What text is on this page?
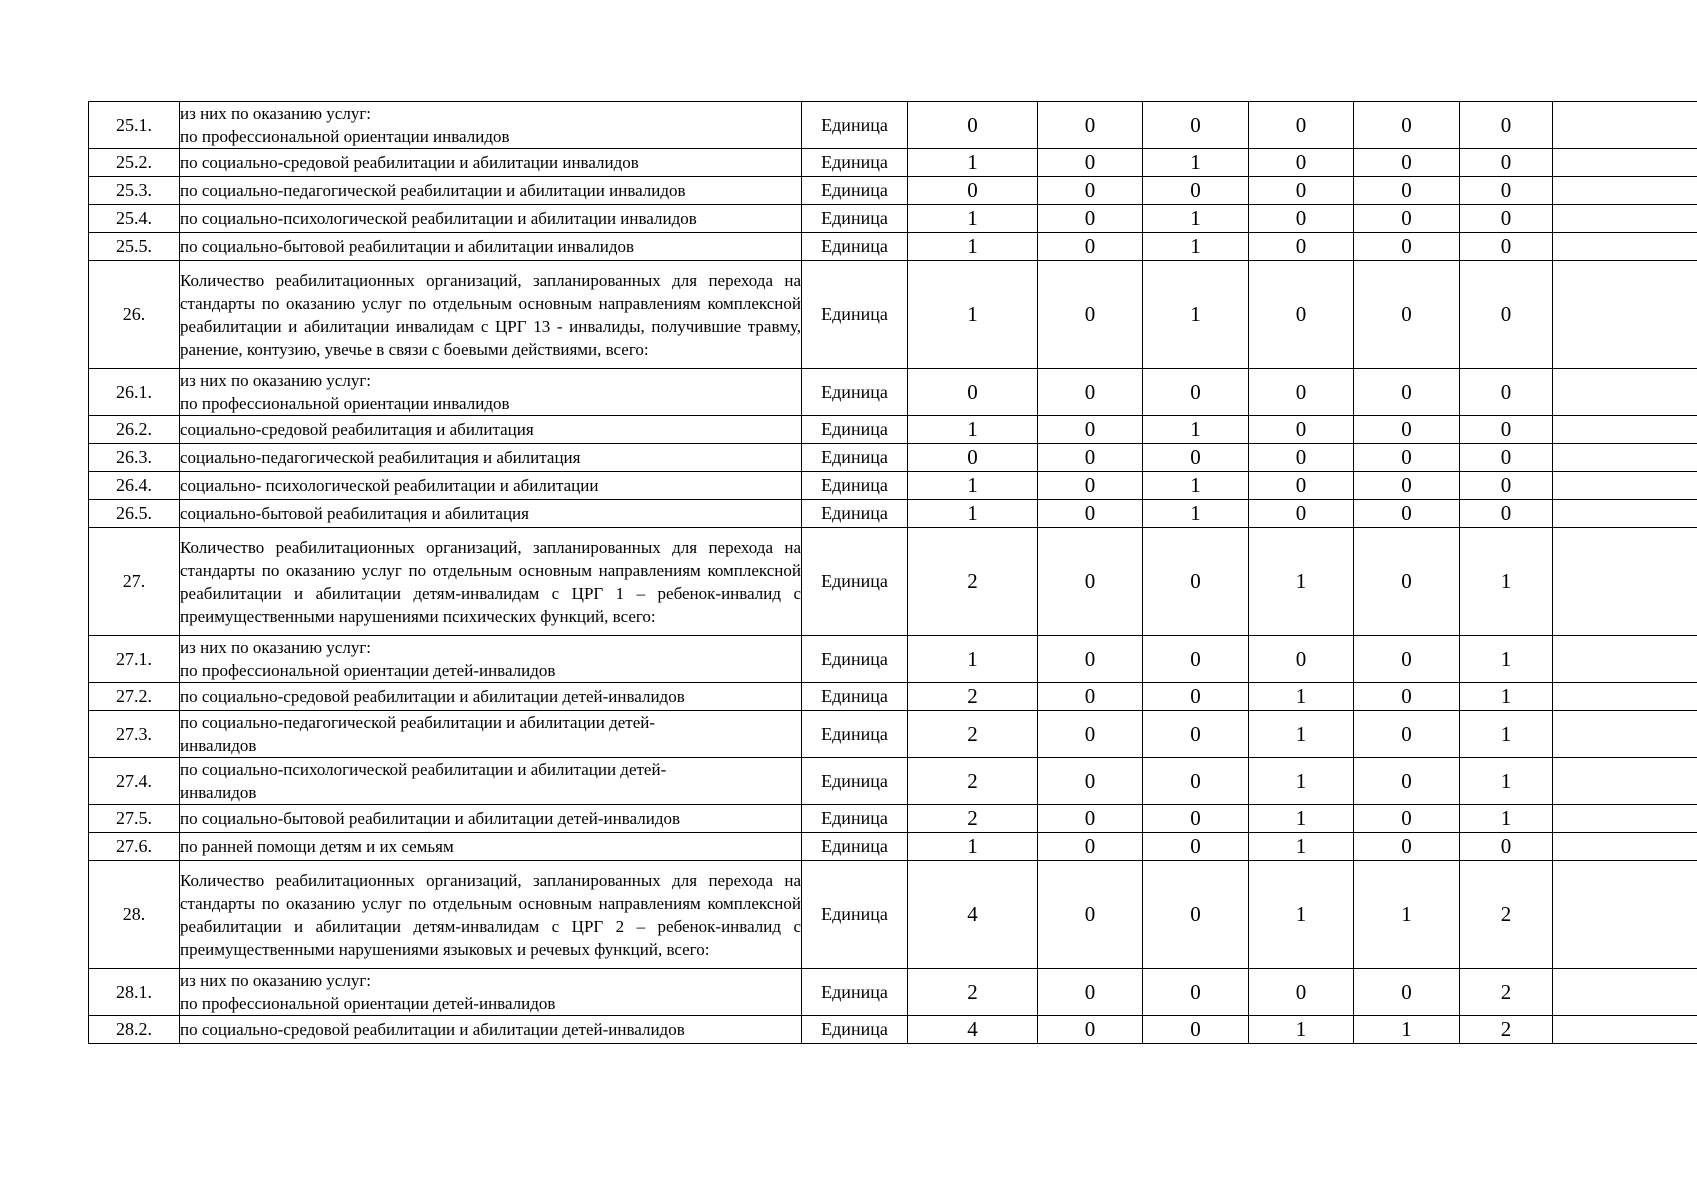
25.1.	из них по оказанию услуг:
по профессиональной ориентации инвалидов	Единица	0	0	0	0	0	0	
25.2.	по социально-средовой реабилитации и абилитации инвалидов	Единица	1	0	1	0	0	0	
25.3.	по социально-педагогической реабилитации и абилитации инвалидов	Единица	0	0	0	0	0	0	
25.4.	по социально-психологической реабилитации и абилитации инвалидов	Единица	1	0	1	0	0	0	
25.5.	по социально-бытовой реабилитации и абилитации инвалидов	Единица	1	0	1	0	0	0	
26.	Количество реабилитационных организаций, запланированных для перехода на стандарты по оказанию услуг по отдельным основным направлениям комплексной реабилитации и абилитации инвалидам с ЦРГ 13 - инвалиды, получившие травму, ранение, контузию, увечье в связи с боевыми действиями, всего:	Единица	1	0	1	0	0	0	
26.1.	из них по оказанию услуг:
по профессиональной ориентации инвалидов	Единица	0	0	0	0	0	0	
26.2.	социально-средовой реабилитация и абилитация	Единица	1	0	1	0	0	0	
26.3.	социально-педагогической реабилитация и абилитация	Единица	0	0	0	0	0	0	
26.4.	социально- психологической реабилитации и абилитации	Единица	1	0	1	0	0	0	
26.5.	социально-бытовой реабилитация и абилитация	Единица	1	0	1	0	0	0	
27.	Количество реабилитационных организаций, запланированных для перехода на стандарты по оказанию услуг по отдельным основным направлениям комплексной реабилитации и абилитации детям-инвалидам с ЦРГ 1 – ребенок-инвалид с преимущественными нарушениями психических функций, всего:	Единица	2	0	0	1	0	1	
27.1.	из них по оказанию услуг:
по профессиональной ориентации детей-инвалидов	Единица	1	0	0	0	0	1	
27.2.	по социально-средовой реабилитации и абилитации детей-инвалидов	Единица	2	0	0	1	0	1	
27.3.	по социально-педагогической реабилитации и абилитации детей-
инвалидов	Единица	2	0	0	1	0	1	
27.4.	по социально-психологической реабилитации и абилитации детей-
инвалидов	Единица	2	0	0	1	0	1	
27.5.	по социально-бытовой реабилитации и абилитации детей-инвалидов	Единица	2	0	0	1	0	1	
27.6.	по ранней помощи детям и их семьям	Единица	1	0	0	1	0	0	
28.	Количество реабилитационных организаций, запланированных для перехода на стандарты по оказанию услуг по отдельным основным направлениям комплексной реабилитации и абилитации детям-инвалидам с ЦРГ 2 – ребенок-инвалид с преимущественными нарушениями языковых и речевых функций, всего:	Единица	4	0	0	1	1	2	
28.1.	из них по оказанию услуг:
по профессиональной ориентации детей-инвалидов	Единица	2	0	0	0	0	2	
28.2.	по социально-средовой реабилитации и абилитации детей-инвалидов	Единица	4	0	0	1	1	2	
